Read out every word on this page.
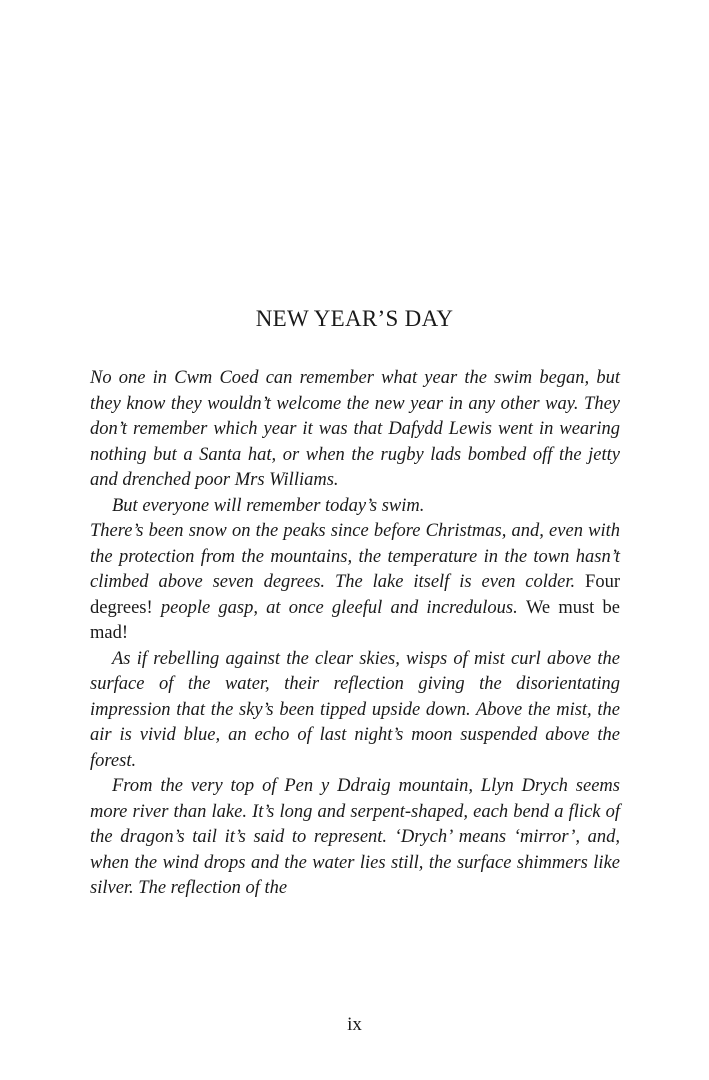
NEW YEAR’S DAY

No one in Cwm Coed can remember what year the swim began, but they know they wouldn’t welcome the new year in any other way. They don’t remember which year it was that Dafydd Lewis went in wearing nothing but a Santa hat, or when the rugby lads bombed off the jetty and drenched poor Mrs Williams.

But everyone will remember today’s swim.

There’s been snow on the peaks since before Christmas, and, even with the protection from the mountains, the temperature in the town hasn’t climbed above seven degrees. The lake itself is even colder. Four degrees! people gasp, at once gleeful and incredulous. We must be mad!

As if rebelling against the clear skies, wisps of mist curl above the surface of the water, their reflection giving the disorientating impression that the sky’s been tipped upside down. Above the mist, the air is vivid blue, an echo of last night’s moon suspended above the forest.

From the very top of Pen y Ddraig mountain, Llyn Drych seems more river than lake. It’s long and serpent-shaped, each bend a flick of the dragon’s tail it’s said to represent. ‘Drych’ means ‘mirror’, and, when the wind drops and the water lies still, the surface shimmers like silver. The reflection of the

ix
